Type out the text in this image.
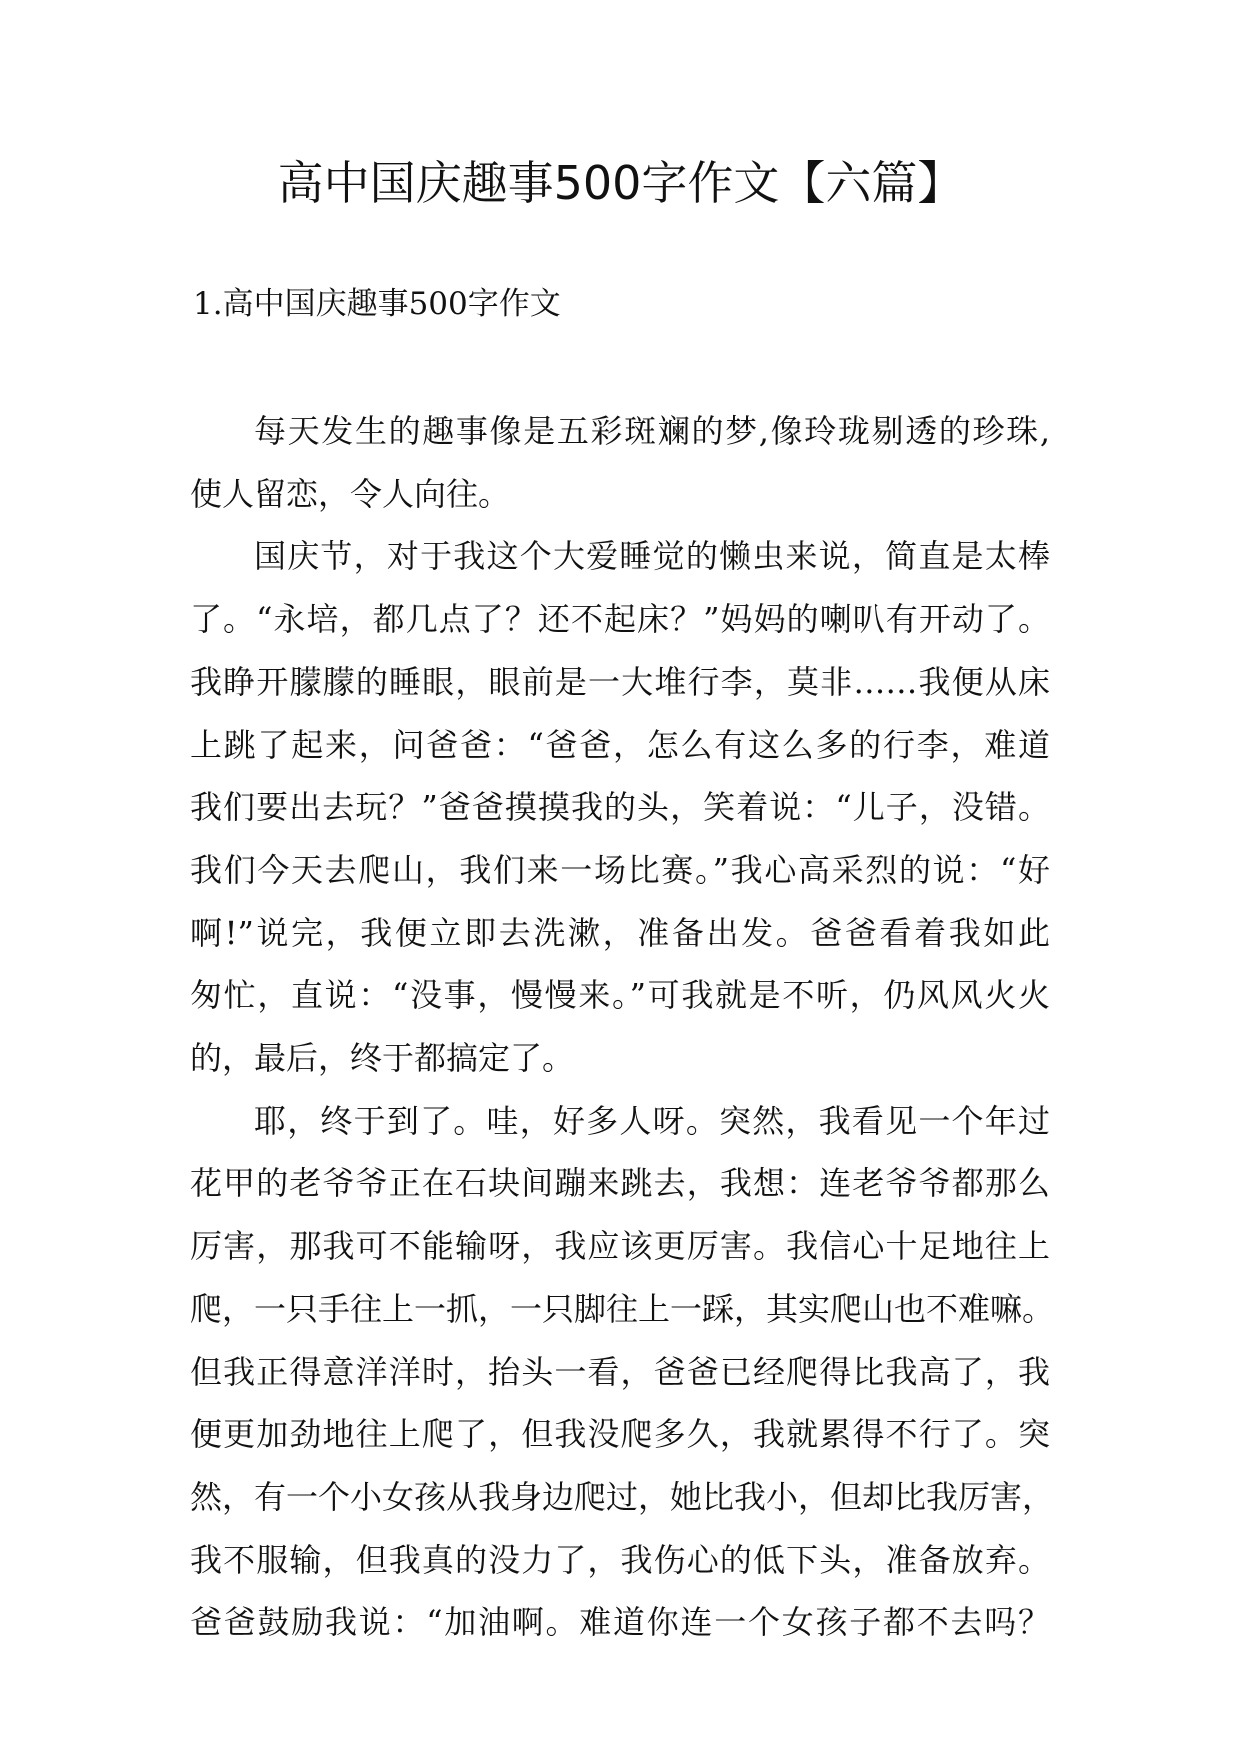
高中国庆趣事500字作文【六篇】
1.高中国庆趣事500字作文
每天发生的趣事像是五彩斑斓的梦,像玲珑剔透的珍珠,
使人留恋，令人向往。
国庆节，对于我这个大爱睡觉的懒虫来说，简直是太棒
了。“永培，都几点了？还不起床？”妈妈的喇叭有开动了。
我睁开朦朦的睡眼，眼前是一大堆行李，莫非……我便从床
上跳了起来，问爸爸：“爸爸，怎么有这么多的行李，难道
我们要出去玩？”爸爸摸摸我的头，笑着说：“儿子，没错。
我们今天去爬山，我们来一场比赛。”我心高采烈的说：“好
啊!”说完，我便立即去洗漱，准备出发。爸爸看着我如此
匆忙，直说：“没事，慢慢来。”可我就是不听，仍风风火火
的，最后，终于都搞定了。
耶，终于到了。哇，好多人呀。突然，我看见一个年过
花甲的老爷爷正在石块间蹦来跳去，我想：连老爷爷都那么
厉害，那我可不能输呀，我应该更厉害。我信心十足地往上
爬，一只手往上一抓，一只脚往上一踩，其实爬山也不难嘛。
但我正得意洋洋时，抬头一看，爸爸已经爬得比我高了，我
便更加劲地往上爬了，但我没爬多久，我就累得不行了。突
然，有一个小女孩从我身边爬过，她比我小，但却比我厉害，
我不服输，但我真的没力了，我伤心的低下头，准备放弃。
爸爸鼓励我说：“加油啊。难道你连一个女孩子都不去吗？
